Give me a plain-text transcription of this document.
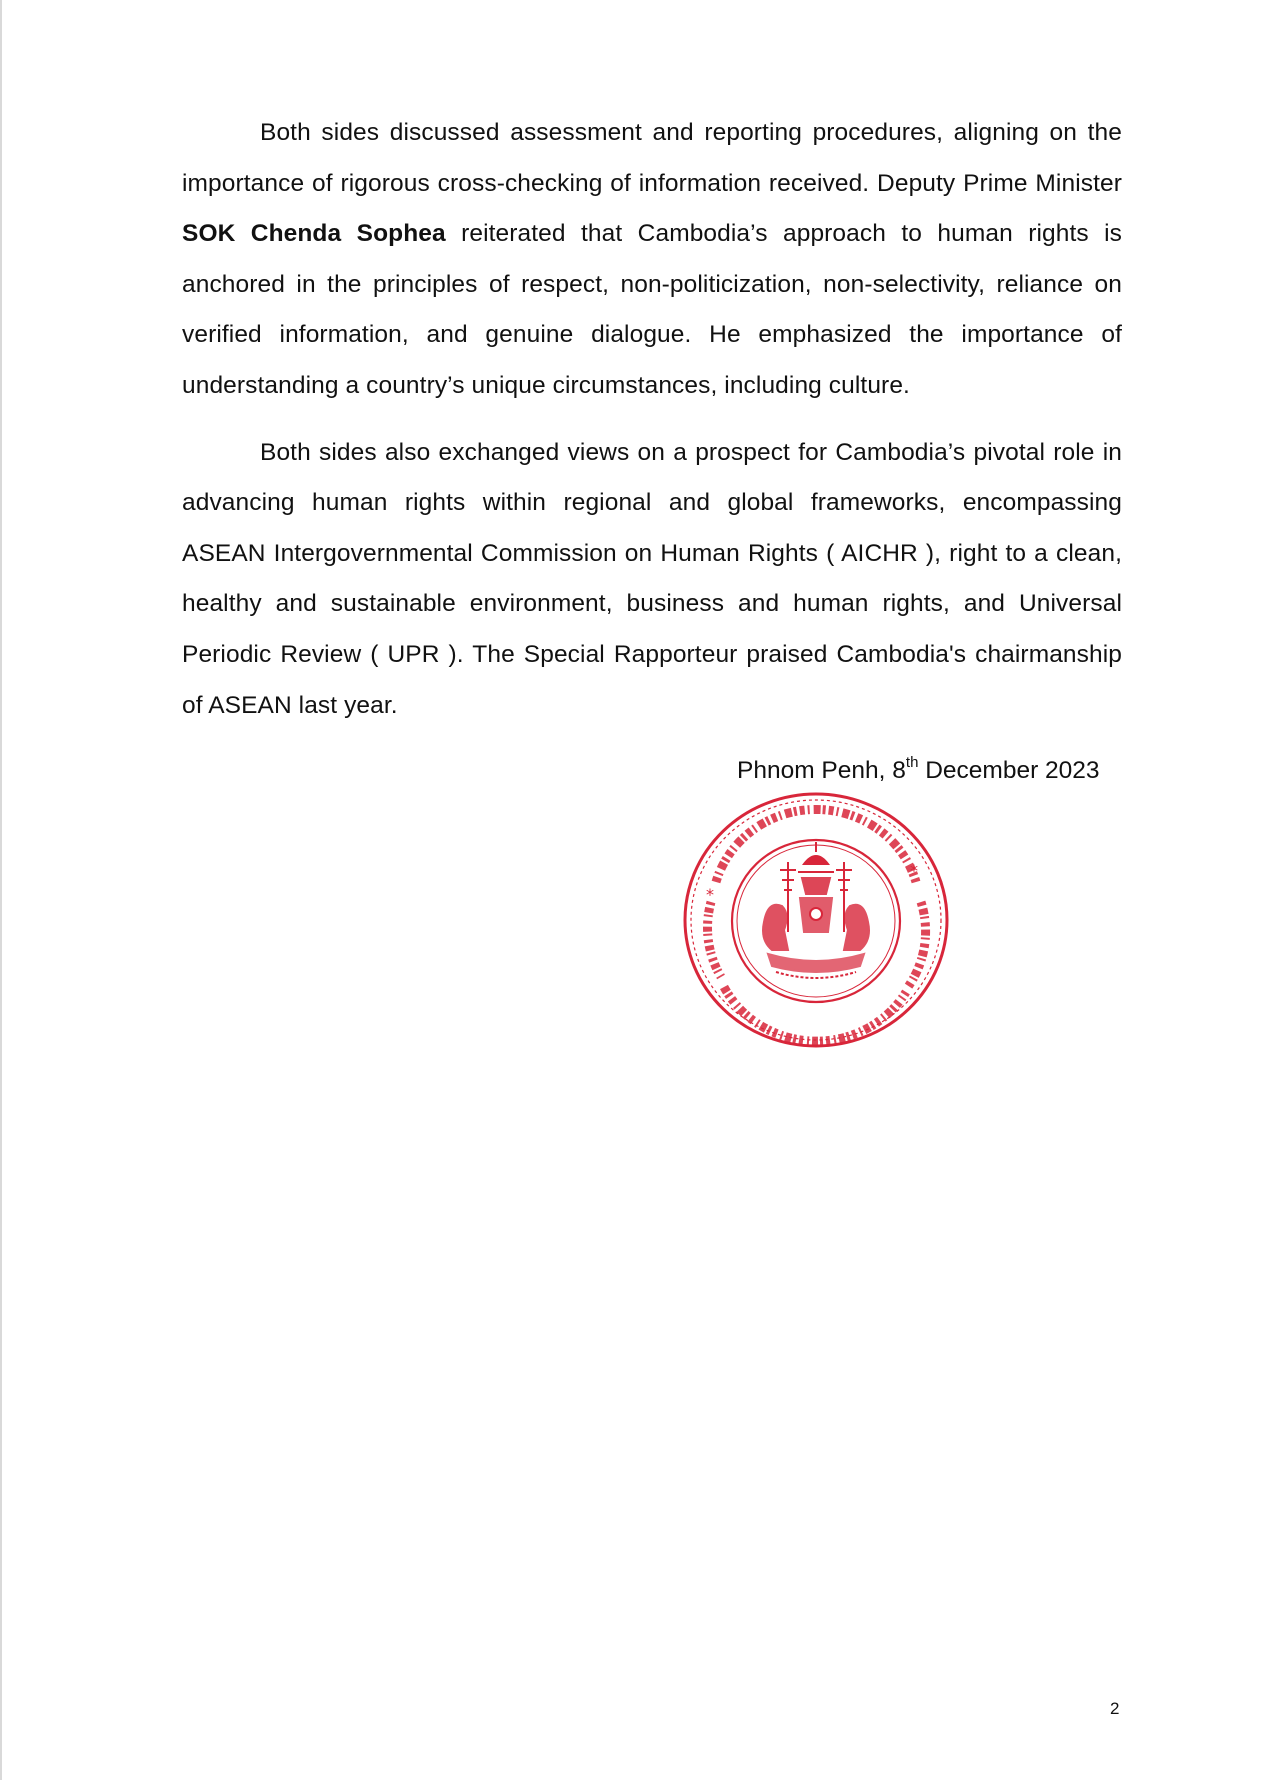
Both sides discussed assessment and reporting procedures, aligning on the importance of rigorous cross-checking of information received. Deputy Prime Minister SOK Chenda Sophea reiterated that Cambodia’s approach to human rights is anchored in the principles of respect, non-politicization, non-selectivity, reliance on verified information, and genuine dialogue. He emphasized the importance of understanding a country’s unique circumstances, including culture.

Both sides also exchanged views on a prospect for Cambodia’s pivotal role in advancing human rights within regional and global frameworks, encompassing ASEAN Intergovernmental Commission on Human Rights ( AICHR ), right to a clean, healthy and sustainable environment, business and human rights, and Universal Periodic Review ( UPR ). The Special Rapporteur praised Cambodia's chairmanship of ASEAN last year.

Phnom Penh, 8th December 2023
*
*
2
